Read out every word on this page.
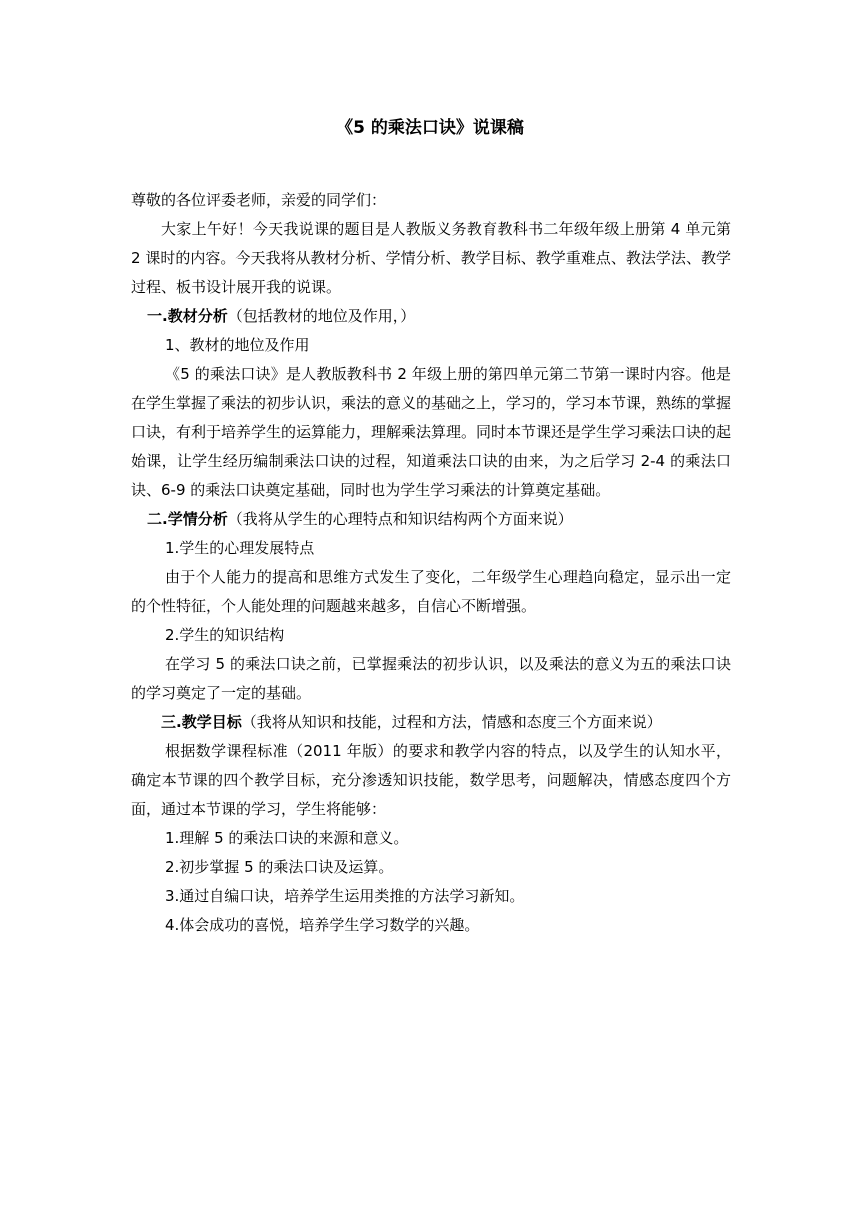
《5 的乘法口诀》说课稿

尊敬的各位评委老师，亲爱的同学们：

大家上午好！今天我说课的题目是人教版义务教育教科书二年级年级上册第 4 单元第 2 课时的内容。今天我将从教材分析、学情分析、教学目标、教学重难点、教法学法、教学过程、板书设计展开我的说课。

一.教材分析（包括教材的地位及作用，）

1、教材的地位及作用

《5 的乘法口诀》是人教版教科书 2 年级上册的第四单元第二节第一课时内容。他是在学生掌握了乘法的初步认识，乘法的意义的基础之上，学习的，学习本节课，熟练的掌握口诀，有利于培养学生的运算能力，理解乘法算理。同时本节课还是学生学习乘法口诀的起始课，让学生经历编制乘法口诀的过程，知道乘法口诀的由来，为之后学习 2-4 的乘法口诀、6-9 的乘法口诀奠定基础，同时也为学生学习乘法的计算奠定基础。

二.学情分析（我将从学生的心理特点和知识结构两个方面来说）

1.学生的心理发展特点

由于个人能力的提高和思维方式发生了变化，二年级学生心理趋向稳定，显示出一定的个性特征，个人能处理的问题越来越多，自信心不断增强。

2.学生的知识结构

在学习 5 的乘法口诀之前，已掌握乘法的初步认识，以及乘法的意义为五的乘法口诀的学习奠定了一定的基础。

三.教学目标（我将从知识和技能，过程和方法，情感和态度三个方面来说）

根据数学课程标准（2011 年版）的要求和教学内容的特点，以及学生的认知水平，确定本节课的四个教学目标，充分渗透知识技能，数学思考，问题解决，情感态度四个方面，通过本节课的学习，学生将能够：

1.理解 5 的乘法口诀的来源和意义。

2.初步掌握 5 的乘法口诀及运算。

3.通过自编口诀，培养学生运用类推的方法学习新知。

4.体会成功的喜悦，培养学生学习数学的兴趣。
